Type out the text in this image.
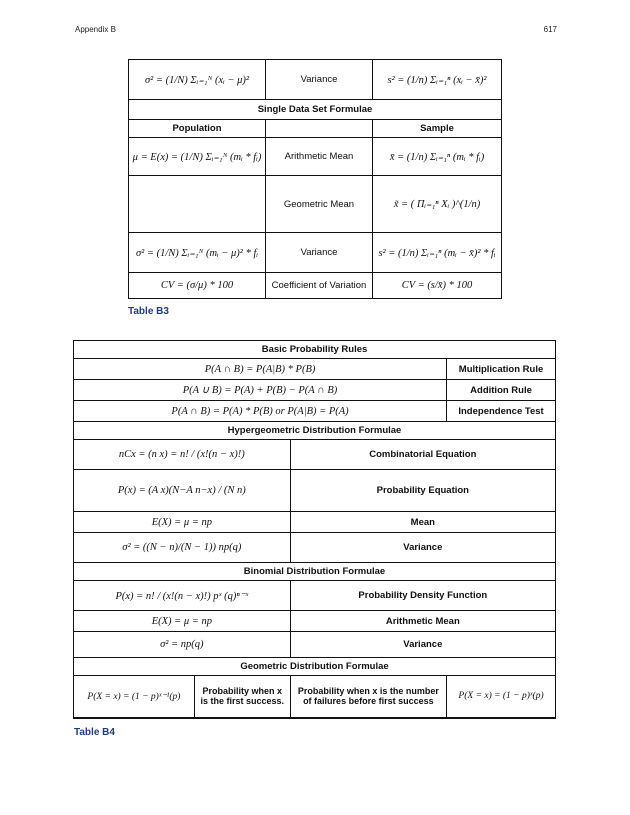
Appendix B	617
σ² = (1/N) Σᵢ₌₁ᴺ (xᵢ − μ)²	Variance	s² = (1/n) Σᵢ₌₁ⁿ (xᵢ − x̄)²
Single Data Set Formulae		
Population		Sample
μ = E(x) = (1/N) Σᵢ₌₁ᴺ (mᵢ * fᵢ)	Arithmetic Mean	x̄ = (1/n) Σᵢ₌₁ⁿ (mᵢ * fᵢ)
	Geometric Mean	x̃ = ( Πᵢ₌₁ⁿ Xᵢ )^(1/n)
σ² = (1/N) Σᵢ₌₁ᴺ (mᵢ − μ)² * fᵢ	Variance	s² = (1/n) Σᵢ₌₁ⁿ (mᵢ − x̄)² * fᵢ
CV = (σ/μ) * 100	Coefficient of Variation	CV = (s/x̄) * 100
Table B3
Basic Probability Rules			
P(A ∩ B) = P(A|B) * P(B)			Multiplication Rule
P(A ∪ B) = P(A) + P(B) − P(A ∩ B)			Addition Rule
P(A ∩ B) = P(A) * P(B) or P(A|B) = P(A)			Independence Test
Hypergeometric Distribution Formulae			
nCx = (n x) = n! / (x!(n − x)!)		Combinatorial Equation	
P(x) = (A x)(N−A n−x) / (N n)		Probability Equation	
E(X) = μ = np		Mean	
σ² = ((N − n)/(N − 1)) np(q)		Variance	
Binomial Distribution Formulae			
P(x) = n! / (x!(n − x)!) pˣ (q)ⁿ⁻ˣ		Probability Density Function	
E(X) = μ = np		Arithmetic Mean	
σ² = np(q)		Variance	
Geometric Distribution Formulae			
P(X = x) = (1 − p)ˣ⁻¹(p)	Probability when x is the first success.	Probability when x is the number of failures before first success	P(X = x) = (1 − p)ˣ(p)
Table B4
